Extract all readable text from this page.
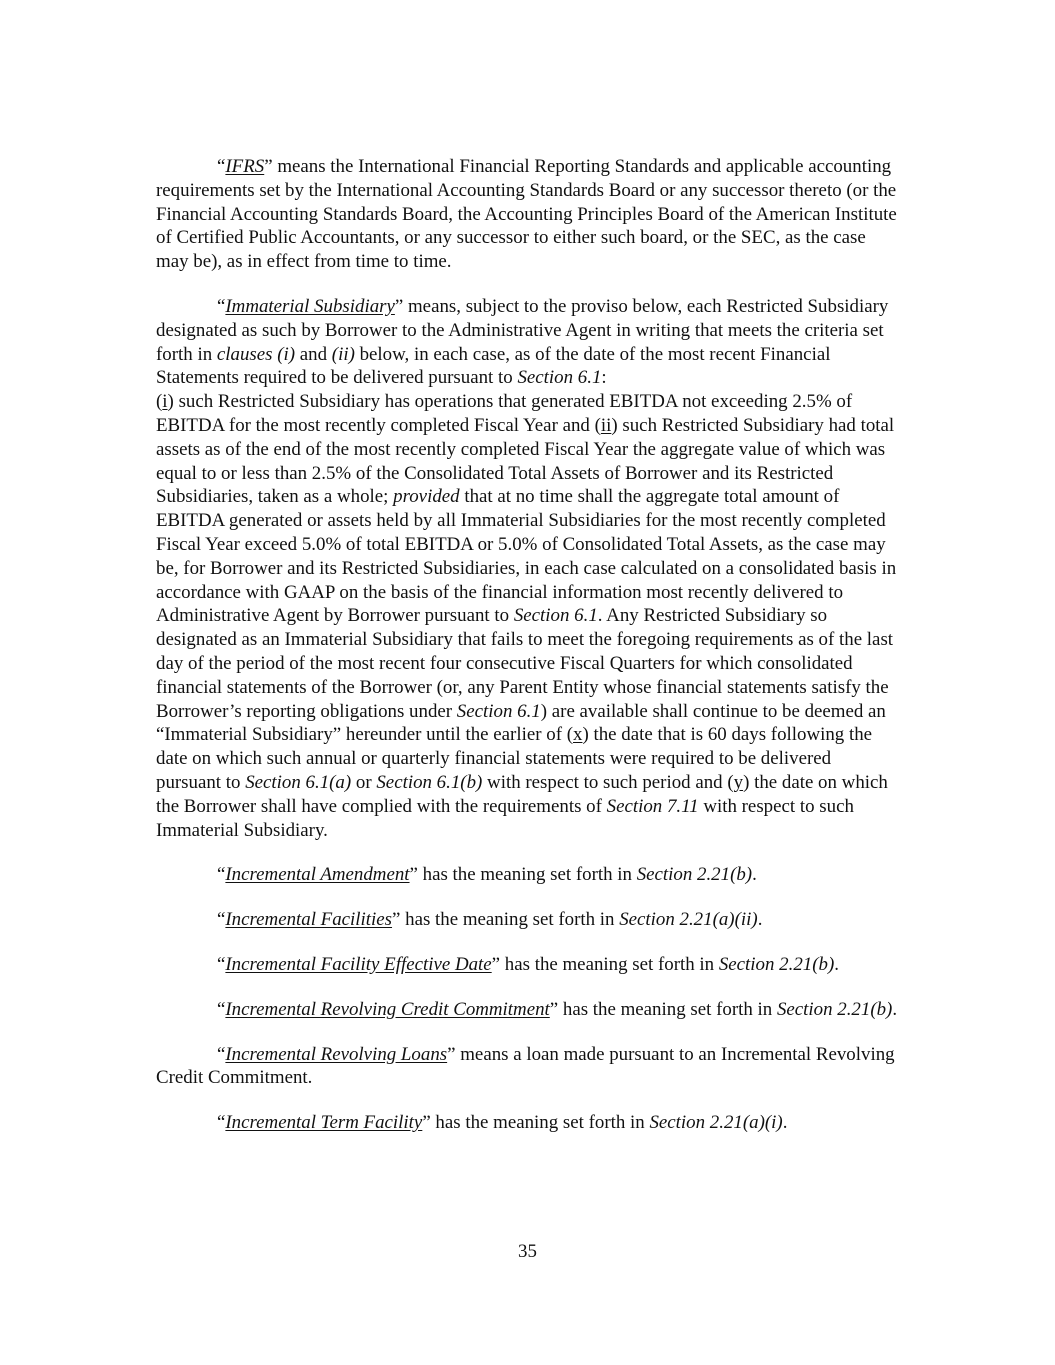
“IFRS” means the International Financial Reporting Standards and applicable accounting requirements set by the International Accounting Standards Board or any successor thereto (or the Financial Accounting Standards Board, the Accounting Principles Board of the American Institute of Certified Public Accountants, or any successor to either such board, or the SEC, as the case may be), as in effect from time to time.

“Immaterial Subsidiary” means, subject to the proviso below, each Restricted Subsidiary designated as such by Borrower to the Administrative Agent in writing that meets the criteria set forth in clauses (i) and (ii) below, in each case, as of the date of the most recent Financial Statements required to be delivered pursuant to Section 6.1:
(i) such Restricted Subsidiary has operations that generated EBITDA not exceeding 2.5% of EBITDA for the most recently completed Fiscal Year and (ii) such Restricted Subsidiary had total assets as of the end of the most recently completed Fiscal Year the aggregate value of which was equal to or less than 2.5% of the Consolidated Total Assets of Borrower and its Restricted Subsidiaries, taken as a whole; provided that at no time shall the aggregate total amount of EBITDA generated or assets held by all Immaterial Subsidiaries for the most recently completed Fiscal Year exceed 5.0% of total EBITDA or 5.0% of Consolidated Total Assets, as the case may be, for Borrower and its Restricted Subsidiaries, in each case calculated on a consolidated basis in accordance with GAAP on the basis of the financial information most recently delivered to Administrative Agent by Borrower pursuant to Section 6.1. Any Restricted Subsidiary so designated as an Immaterial Subsidiary that fails to meet the foregoing requirements as of the last day of the period of the most recent four consecutive Fiscal Quarters for which consolidated financial statements of the Borrower (or, any Parent Entity whose financial statements satisfy the Borrower’s reporting obligations under Section 6.1) are available shall continue to be deemed an “Immaterial Subsidiary” hereunder until the earlier of (x) the date that is 60 days following the date on which such annual or quarterly financial statements were required to be delivered pursuant to Section 6.1(a) or Section 6.1(b) with respect to such period and (y) the date on which the Borrower shall have complied with the requirements of Section 7.11 with respect to such Immaterial Subsidiary.

“Incremental Amendment” has the meaning set forth in Section 2.21(b).

“Incremental Facilities” has the meaning set forth in Section 2.21(a)(ii).

“Incremental Facility Effective Date” has the meaning set forth in Section 2.21(b).

“Incremental Revolving Credit Commitment” has the meaning set forth in Section 2.21(b).

“Incremental Revolving Loans” means a loan made pursuant to an Incremental Revolving Credit Commitment.

“Incremental Term Facility” has the meaning set forth in Section 2.21(a)(i).

35
